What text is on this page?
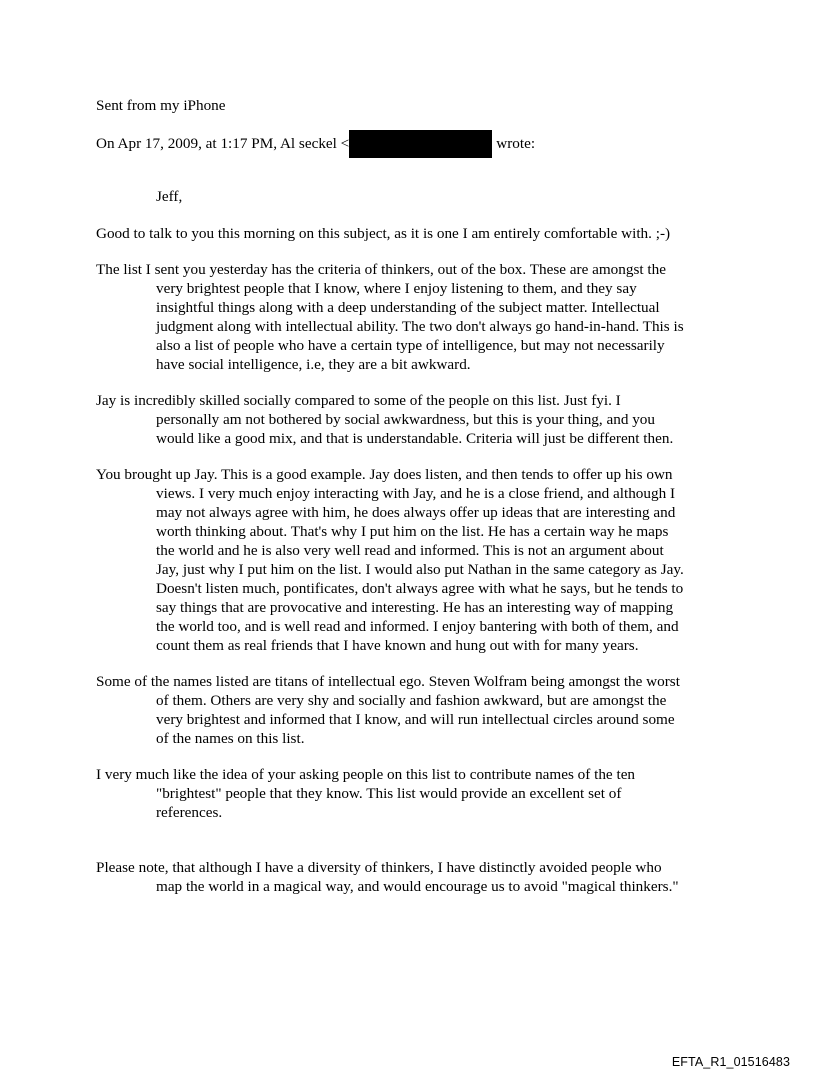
Sent from my iPhone

On Apr 17, 2009, at 1:17 PM, Al seckel <	wrote:

Jeff,

Good to talk to you this morning on this subject, as it is one I am entirely comfortable with. ;-)

The list I sent you yesterday has the criteria of thinkers, out of the box. These are amongst the very brightest people that I know, where I enjoy listening to them, and they say insightful things along with a deep understanding of the subject matter. Intellectual judgment along with intellectual ability. The two don't always go hand-in-hand. This is also a list of people who have a certain type of intelligence, but may not necessarily have social intelligence, i.e, they are a bit awkward.

Jay is incredibly skilled socially compared to some of the people on this list. Just fyi. I personally am not bothered by social awkwardness, but this is your thing, and you would like a good mix, and that is understandable. Criteria will just be different then.

You brought up Jay. This is a good example. Jay does listen, and then tends to offer up his own views. I very much enjoy interacting with Jay, and he is a close friend, and although I may not always agree with him, he does always offer up ideas that are interesting and worth thinking about. That's why I put him on the list. He has a certain way he maps the world and he is also very well read and informed. This is not an argument about Jay, just why I put him on the list. I would also put Nathan in the same category as Jay. Doesn't listen much, pontificates, don't always agree with what he says, but he tends to say things that are provocative and interesting. He has an interesting way of mapping the world too, and is well read and informed. I enjoy bantering with both of them, and count them as real friends that I have known and hung out with for many years.

Some of the names listed are titans of intellectual ego. Steven Wolfram being amongst the worst of them. Others are very shy and socially and fashion awkward, but are amongst the very brightest and informed that I know, and will run intellectual circles around some of the names on this list.

I very much like the idea of your asking people on this list to contribute names of the ten "brightest" people that they know. This list would provide an excellent set of references.

Please note, that although I have a diversity of thinkers, I have distinctly avoided people who map the world in a magical way, and would encourage us to avoid "magical thinkers."

EFTA_R1_01516483
